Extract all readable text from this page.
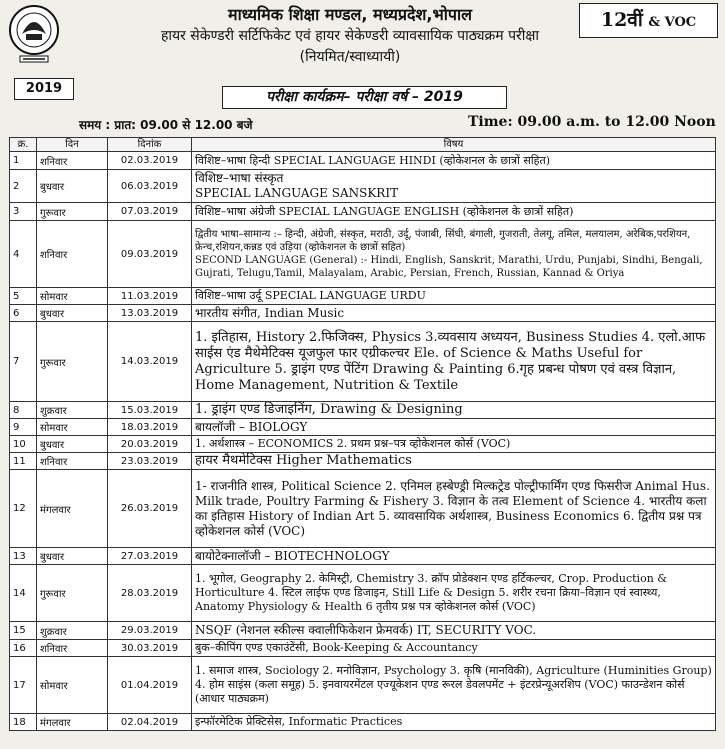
2019
12वीं & VOC
माध्यमिक शिक्षा मण्डल, मध्यप्रदेश,भोपाल
हायर सेकेण्डरी सर्टिफिकेट एवं हायर सेकेण्डरी व्यावसायिक पाठ्यक्रम परीक्षा
(नियमित/स्वाध्यायी)
परीक्षा कार्यक्रम– परीक्षा वर्ष – 2019
समय : प्रात: 09.00 से 12.00 बजे	Time: 09.00 a.m. to 12.00 Noon
क्र.	दिन	दिनांक	विषय
1	शनिवार	02.03.2019	विशिष्ट–भाषा हिन्दी SPECIAL LANGUAGE HINDI (व्होकेशनल के छात्रों सहित)
2	बुधवार	06.03.2019	विशिष्ट–भाषा संस्कृत
SPECIAL LANGUAGE SANSKRIT
3	गुरूवार	07.03.2019	विशिष्ट–भाषा अंग्रेजी SPECIAL LANGUAGE ENGLISH (व्होकेशनल के छात्रों सहित)
4	शनिवार	09.03.2019	द्वितीय भाषा–सामान्य :– हिन्दी, अंग्रेजी, संस्कृत, मराठी, उर्दू, पंजाबी, सिंधी, बंगाली, गुजराती, तेलगू, तमिल, मलयालम, अरेबिक,परशियन, फ्रेन्च,रशियन,कन्नड एवं उड़िया (व्होकेशनल के छात्रों सहित)
SECOND LANGUAGE (General) :- Hindi, English, Sanskrit, Marathi, Urdu, Punjabi, Sindhi, Bengali, Gujrati, Telugu,Tamil, Malayalam, Arabic, Persian, French, Russian, Kannad & Oriya

5	सोमवार	11.03.2019	विशिष्ट–भाषा उर्दू SPECIAL LANGUAGE URDU
6	बुधवार	13.03.2019	भारतीय संगीत, Indian Music
7	गुरूवार	14.03.2019	1. इतिहास, History 2.फिजिक्स, Physics 3.व्यवसाय अध्ययन, Business Studies 4. एलो.आफ साईस एंड मैथेमेटिक्स यूजफुल फार एग्रीकल्चर Ele. of Science & Maths Useful for Agriculture 5. ड्राइंग एण्ड पेंटिंग Drawing & Painting 6.गृह प्रबन्ध पोषण एवं वस्त्र विज्ञान, Home Management, Nutrition & Textile
8	शुक्रवार	15.03.2019	1. ड्राइंग एण्ड डिजाइनिंग, Drawing & Designing
9	सोमवार	18.03.2019	बायलॉजी – BIOLOGY
10	बुधवार	20.03.2019	1. अर्थशास्त्र – ECONOMICS 2. प्रथम प्रश्न–पत्र व्होकेशनल कोर्स (VOC)
11	शनिवार	23.03.2019	हायर मैथमेटिक्स Higher Mathematics
12	मंगलवार	26.03.2019	1- राजनीति शास्त्र, Political Science 2. एनिमल हस्बेण्ड्री मिल्कट्रेड पोल्ट्रीफार्मिंग एण्ड फिसरीज Animal Hus. Milk trade, Poultry Farming & Fishery 3. विज्ञान के तत्व Element of Science 4. भारतीय कला का इतिहास History of Indian Art 5. व्यावसायिक अर्थशास्त्र, Business Economics 6. द्वितीय प्रश्न पत्र व्होकेशनल कोर्स (VOC)
13	बुधवार	27.03.2019	बायोटेक्नालॉजी – BIOTECHNOLOGY
14	गुरूवार	28.03.2019	1. भूगोल, Geography 2. केमिस्ट्री, Chemistry 3. क्रॉप प्रोडेक्शन एण्ड हर्टिकल्चर, Crop. Production & Horticulture 4. स्टिल लाईफ एण्ड डिजाइन, Still Life & Design 5. शरीर रचना क्रिया–विज्ञान एवं स्वास्थ्य, Anatomy Physiology & Health 6 तृतीय प्रश्न पत्र व्होकेशनल कोर्स (VOC)
15	शुक्रवार	29.03.2019	NSQF (नेशनल स्कील्स क्वालीफिकेशन फ्रेमवर्क) IT, SECURITY VOC.
16	शनिवार	30.03.2019	बुक–कीपिंग एण्ड एकाउंटेंसी, Book-Keeping & Accountancy
17	सोमवार	01.04.2019	1. समाज शास्त्र, Sociology 2. मनोविज्ञान, Psychology 3. कृषि (मानविकी), Agriculture (Huminities Group) 4. होम साइंस (कला समूह) 5. इनवायरमेंटल एज्यूकेशन एण्ड रूरल डेवलपमेंट + इंटरप्रेन्यूअरशिप (VOC) फाउन्डेशन कोर्स (आधार पाठ्यक्रम)
18	मंगलवार	02.04.2019	इन्फॉरमेटिक प्रेक्टिसेस, Informatic Practices
